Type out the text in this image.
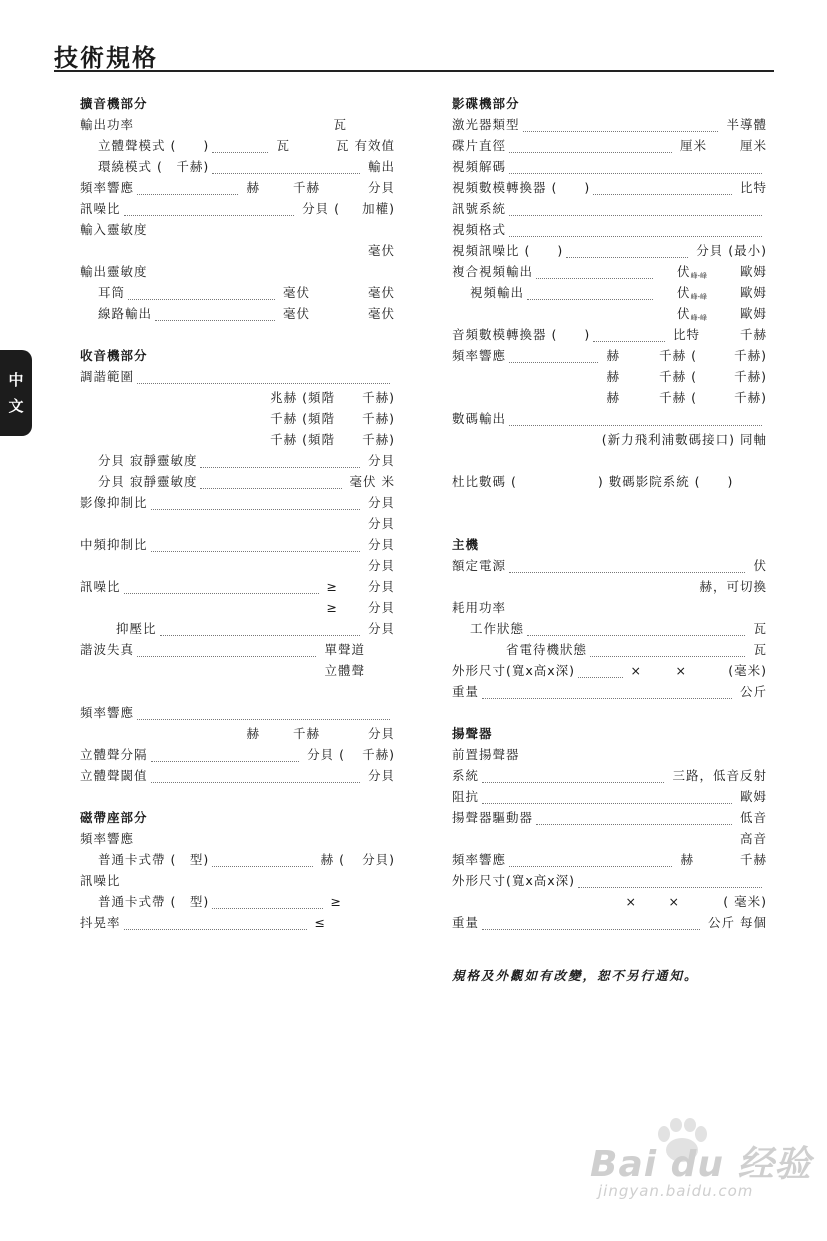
技術規格
中
文
擴音機部分
輸出功率	瓦
立體聲模式 (　　)	瓦	瓦 有效值
環繞模式 (　千赫)	輸出
頻率響應	赫	千赫	分貝
訊噪比	分貝 ( 加權)
輸入靈敏度
毫伏
輸出靈敏度
耳筒	毫伏	毫伏
線路輸出	毫伏	毫伏
收音機部分
調諧範圍
兆赫 (頻階 千赫)
千赫 (頻階 千赫)
千赫 (頻階 千赫)
分貝 寂靜靈敏度	分貝
分貝 寂靜靈敏度	毫伏 米
影像抑制比	分貝
分貝
中頻抑制比	分貝
分貝
訊噪比	≥ 分貝
≥ 分貝
抑壓比	分貝
諧波失真	單聲道
立體聲
頻率響應
赫	千赫	分貝
立體聲分隔	分貝 ( 千赫)
立體聲閾值	分貝
磁帶座部分
頻率響應
普通卡式帶 (　型)	赫 ( 分貝)
訊噪比
普通卡式帶 (　型)	≥
抖晃率	≤
影碟機部分
激光器類型	半導體
碟片直徑	厘米	厘米
視頻解碼
視頻數模轉換器 (　　)	比特
訊號系統
視頻格式
視頻訊噪比 (　　)	分貝 (最小)
複合視頻輸出	伏$_{峰-峰}$	歐姆
視頻輸出	伏$_{峰-峰}$	歐姆
伏$_{峰-峰}$	歐姆
音頻數模轉換器 (　　)	比特	千赫
頻率響應	赫	千赫 (	千赫)
赫	千赫 (	千赫)
赫	千赫 (	千赫)
數碼輸出
(新力飛利浦數碼接口) 同軸
杜比數碼 (　　　　　　) 數碼影院系統 (　　)
主機
額定電源	伏
赫，可切換
耗用功率
工作狀態	瓦
省電待機狀態	瓦
外形尺寸(寬x高x深)	×	×	(毫米)
重量	公斤
揚聲器
前置揚聲器
系統	三路，低音反射
阻抗	歐姆
揚聲器驅動器	低音
高音
頻率響應	赫	千赫
外形尺寸(寬x高x深)
×	×	( 毫米)
重量	公斤 每個
規格及外觀如有改變，恕不另行通知。
Bai du 经验
jingyan.baidu.com
